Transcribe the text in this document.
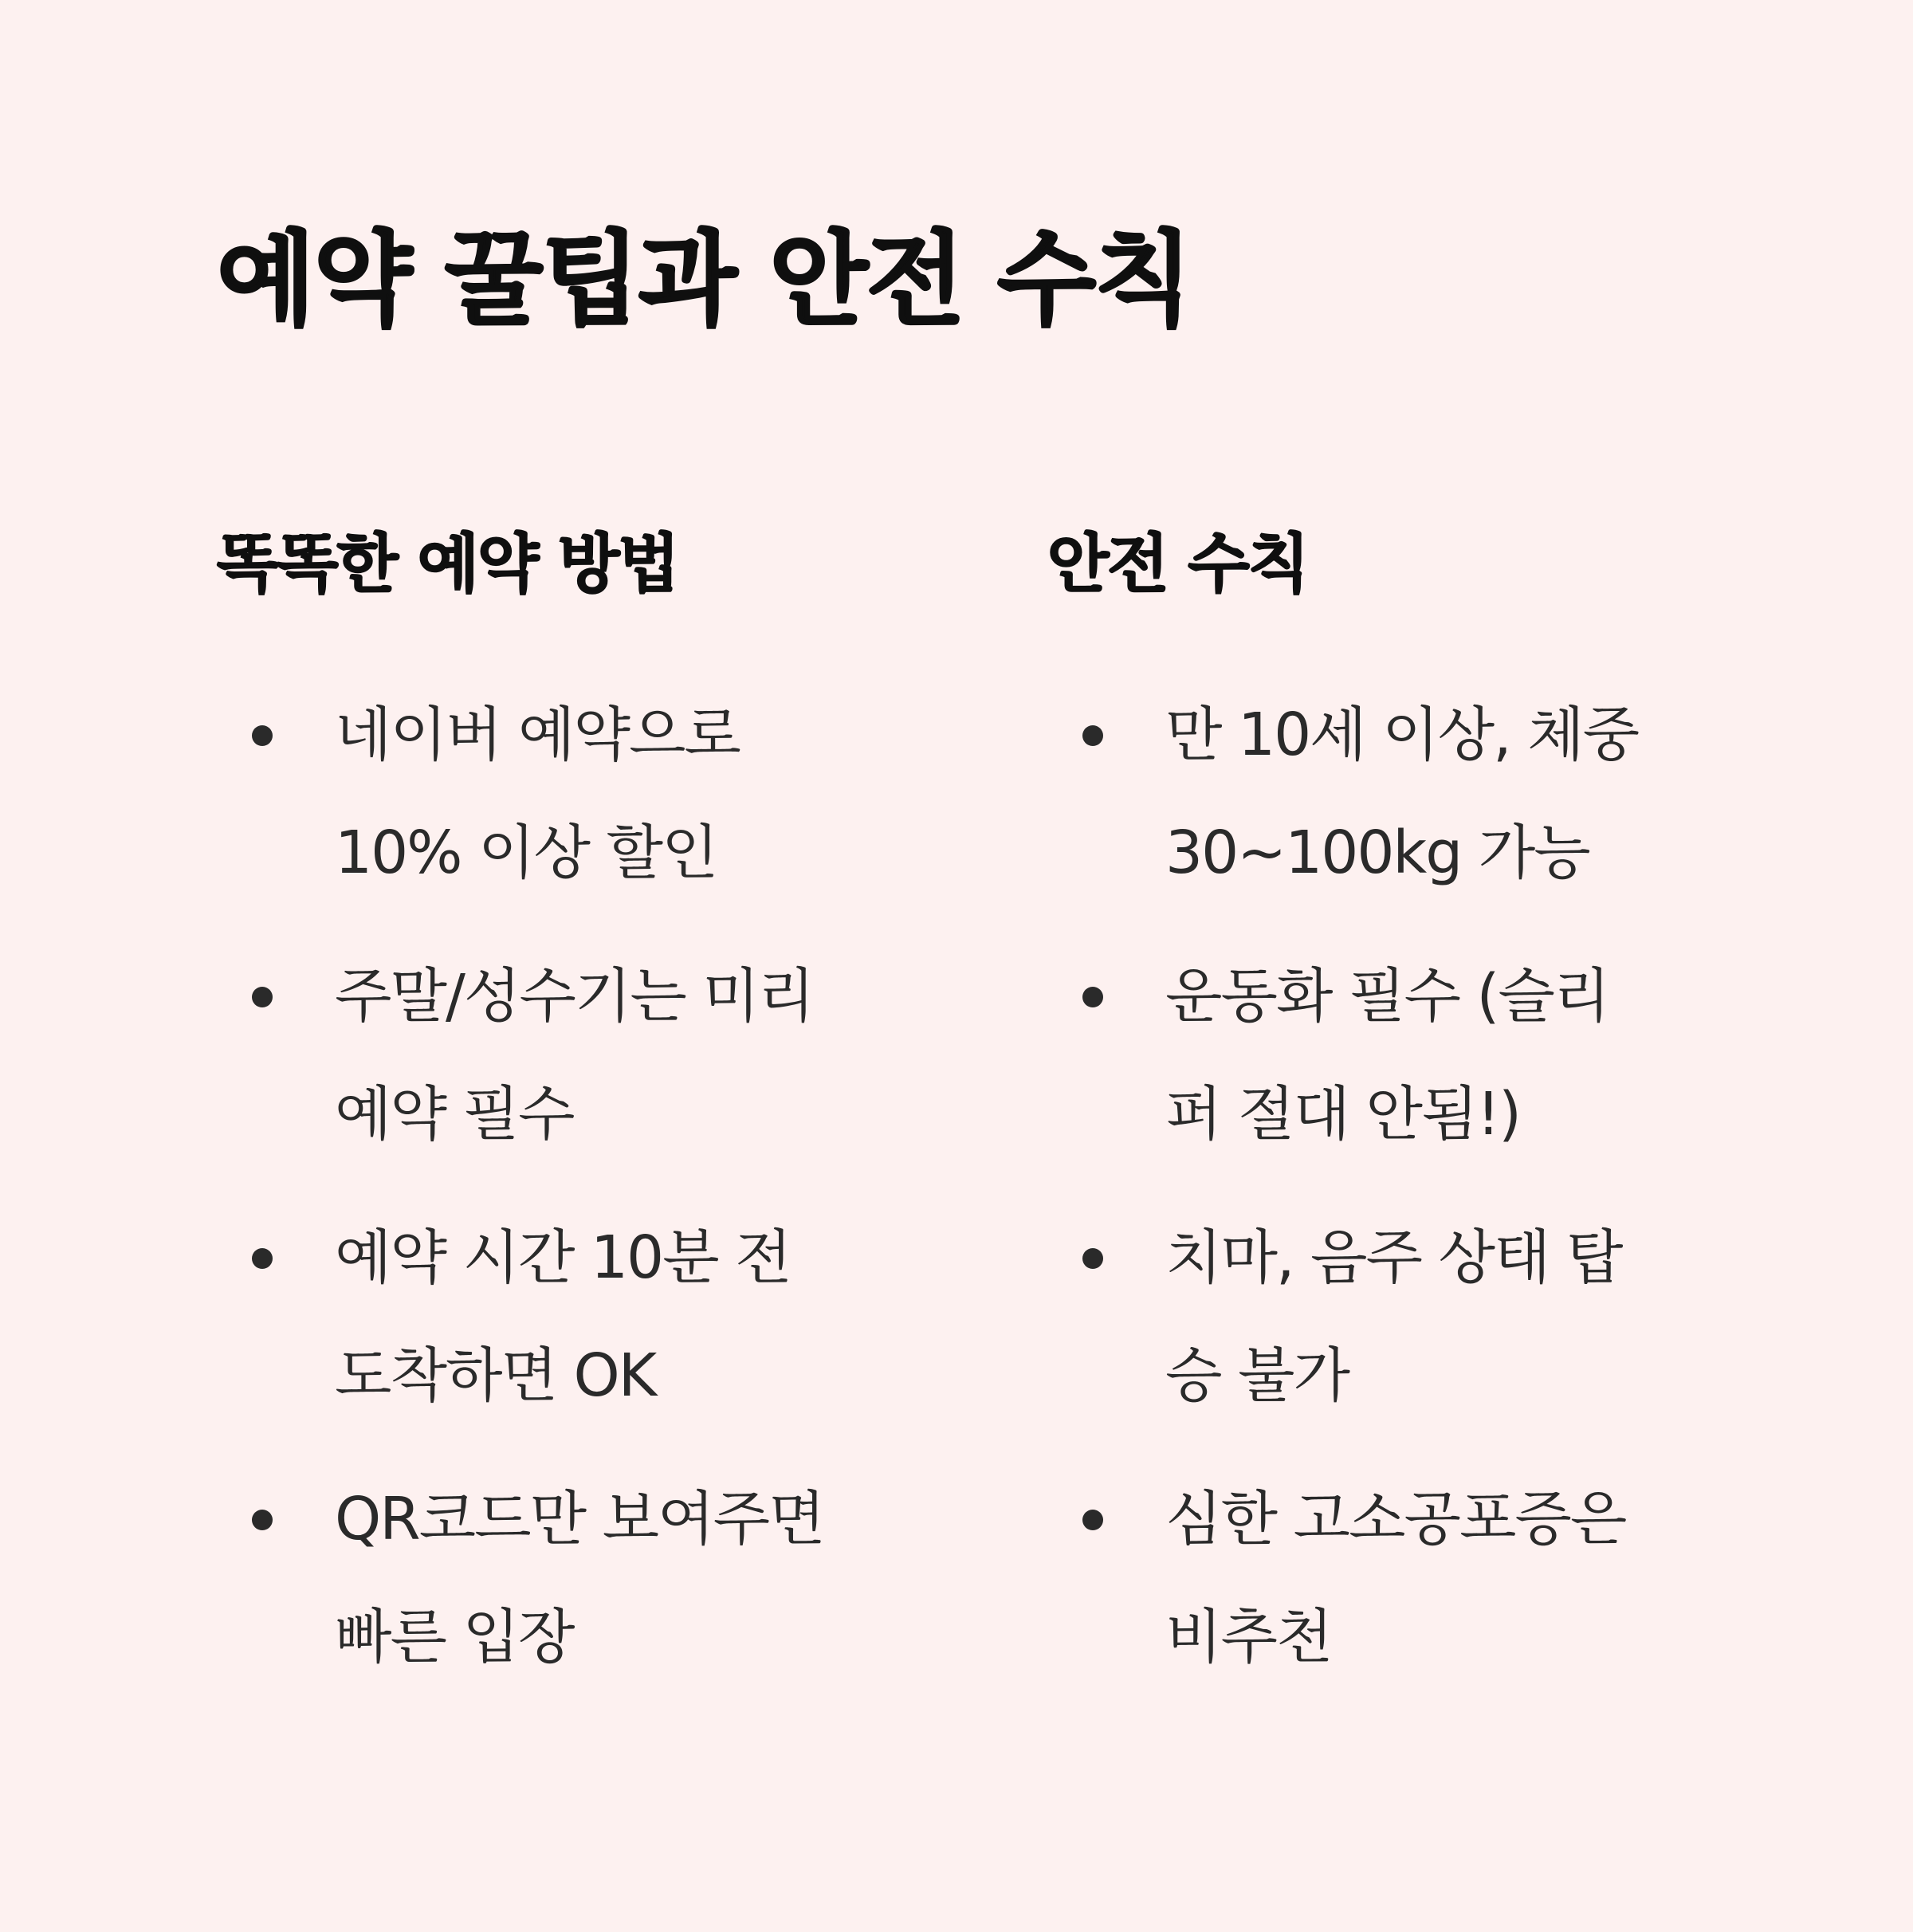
예약 꿀팁과 안전 수칙
똑똑한 예약 방법
네이버 예약으로
10% 이상 할인
주말/성수기는 미리
예약 필수
예약 시간 10분 전
도착하면 OK
QR코드만 보여주면
빠른 입장
안전 수칙
만 10세 이상, 체중
30~100kg 가능
운동화 필수 (슬리
퍼 절대 안됨!)
치마, 음주 상태 탑
승 불가
심한 고소공포증은
비추천
